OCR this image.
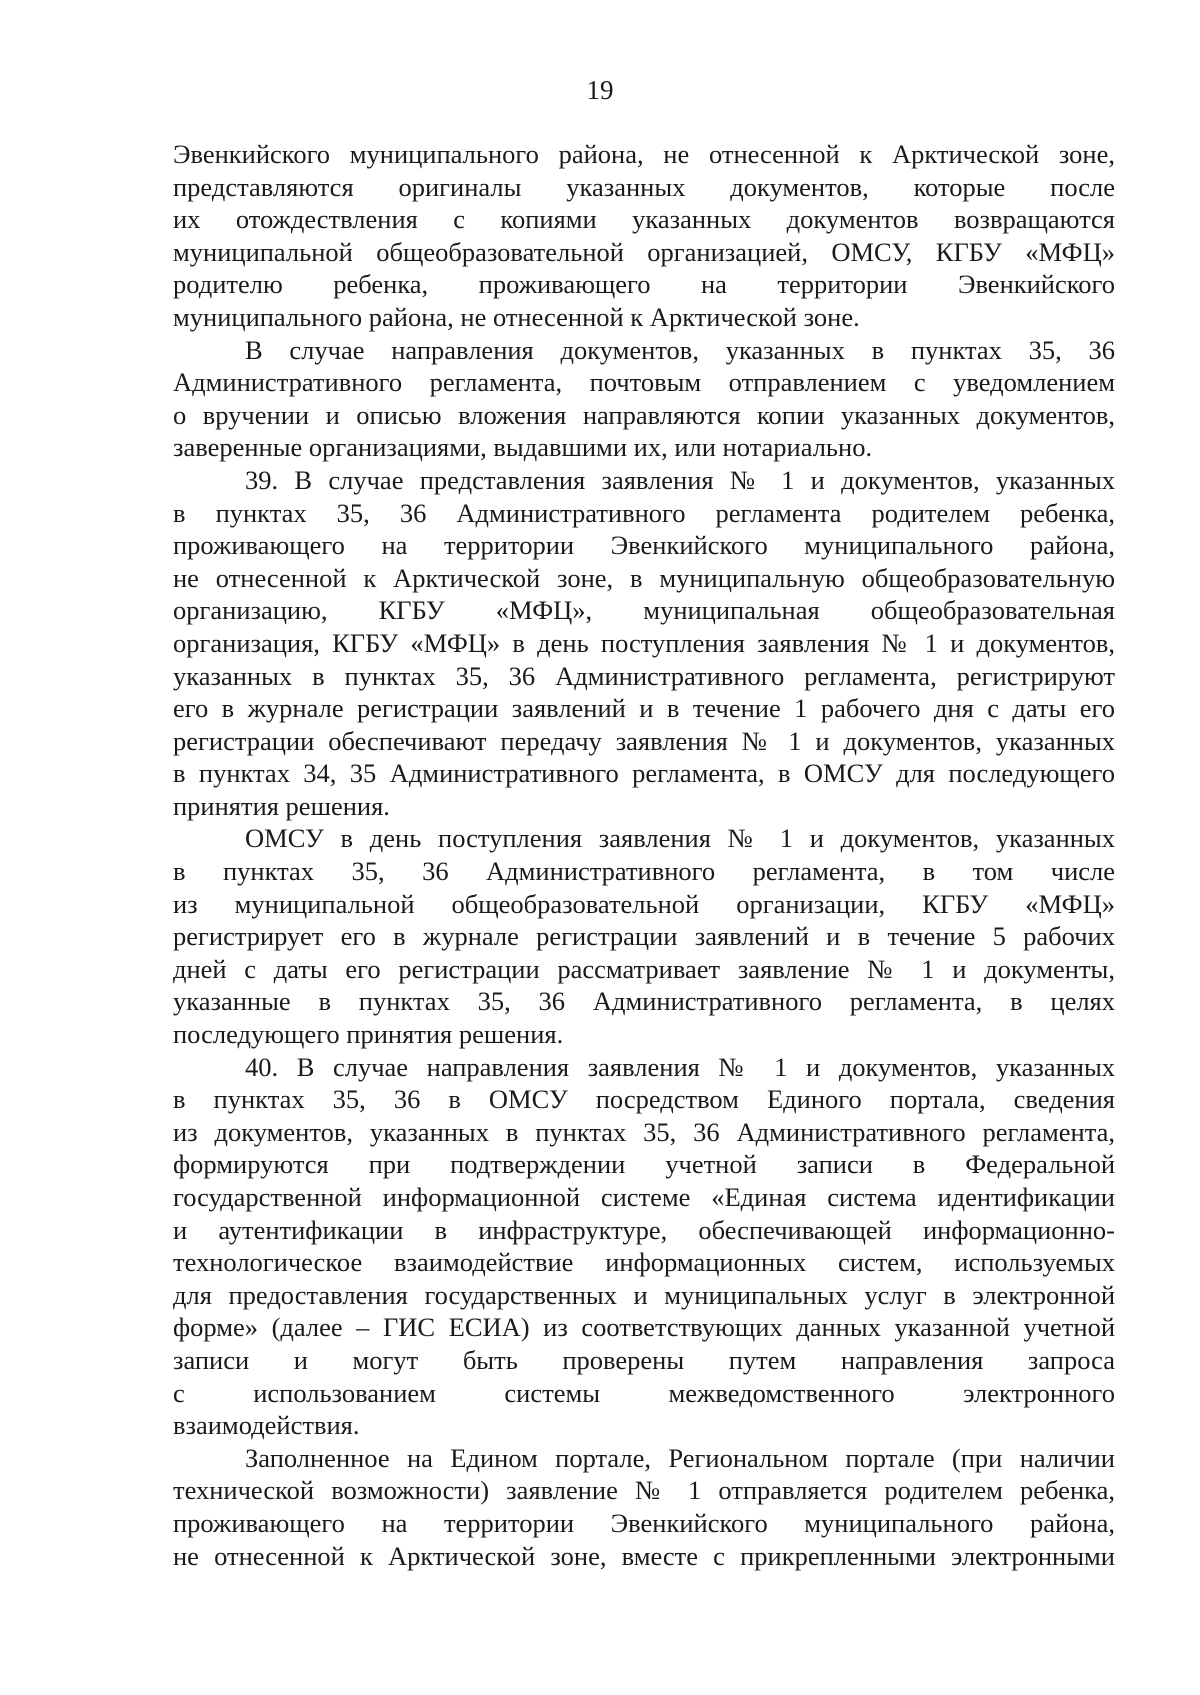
19
Эвенкийского муниципального района, не отнесенной к Арктической зоне,
представляются оригиналы указанных документов, которые после
их отождествления с копиями указанных документов возвращаются
муниципальной общеобразовательной организацией, ОМСУ, КГБУ «МФЦ»
родителю ребенка, проживающего на территории Эвенкийского
муниципального района, не отнесенной к Арктической зоне.
В случае направления документов, указанных в пунктах 35, 36
Административного регламента, почтовым отправлением с уведомлением
о вручении и описью вложения направляются копии указанных документов,
заверенные организациями, выдавшими их, или нотариально.
39. В случае представления заявления № 1 и документов, указанных
в пунктах 35, 36 Административного регламента родителем ребенка,
проживающего на территории Эвенкийского муниципального района,
не отнесенной к Арктической зоне, в муниципальную общеобразовательную
организацию, КГБУ «МФЦ», муниципальная общеобразовательная
организация, КГБУ «МФЦ» в день поступления заявления № 1 и документов,
указанных в пунктах 35, 36 Административного регламента, регистрируют
его в журнале регистрации заявлений и в течение 1 рабочего дня с даты его
регистрации обеспечивают передачу заявления № 1 и документов, указанных
в пунктах 34, 35 Административного регламента, в ОМСУ для последующего
принятия решения.
ОМСУ в день поступления заявления № 1 и документов, указанных
в пунктах 35, 36 Административного регламента, в том числе
из муниципальной общеобразовательной организации, КГБУ «МФЦ»
регистрирует его в журнале регистрации заявлений и в течение 5 рабочих
дней с даты его регистрации рассматривает заявление № 1 и документы,
указанные в пунктах 35, 36 Административного регламента, в целях
последующего принятия решения.
40. В случае направления заявления № 1 и документов, указанных
в пунктах 35, 36 в ОМСУ посредством Единого портала, сведения
из документов, указанных в пунктах 35, 36 Административного регламента,
формируются при подтверждении учетной записи в Федеральной
государственной информационной системе «Единая система идентификации
и аутентификации в инфраструктуре, обеспечивающей информационно-
технологическое взаимодействие информационных систем, используемых
для предоставления государственных и муниципальных услуг в электронной
форме» (далее – ГИС ЕСИА) из соответствующих данных указанной учетной
записи и могут быть проверены путем направления запроса
с использованием системы межведомственного электронного
взаимодействия.
Заполненное на Едином портале, Региональном портале (при наличии
технической возможности) заявление № 1 отправляется родителем ребенка,
проживающего на территории Эвенкийского муниципального района,
не отнесенной к Арктической зоне, вместе с прикрепленными электронными
